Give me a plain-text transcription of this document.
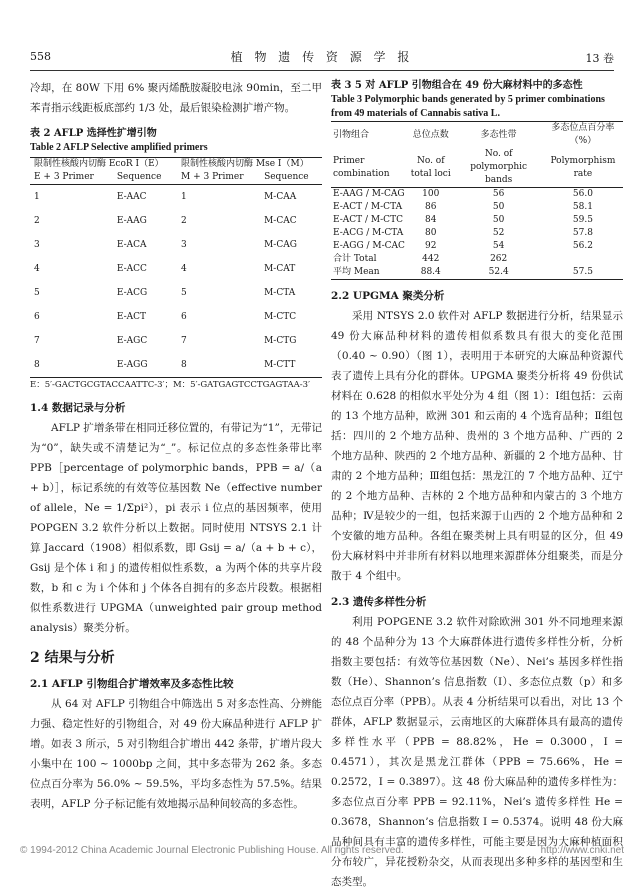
558	植 物 遗 传 资 源 学 报	13 卷

冷却，在 80W 下用 6% 聚丙烯酰胺凝胶电泳 90min，至二甲苯青指示线距板底部约 1/3 处，最后银染检测扩增产物。

表 2 AFLP 选择性扩增引物
Table 2 AFLP Selective amplified primers
限制性核酸内切酶 EcoR I（E）		限制性核酸内切酶 Mse I（M）	
E + 3 Primer	Sequence	M + 3 Primer	Sequence
1	E-AAC	1	M-CAA
2	E-AAG	2	M-CAC
3	E-ACA	3	M-CAG
4	E-ACC	4	M-CAT
5	E-ACG	5	M-CTA
6	E-ACT	6	M-CTC
7	E-AGC	7	M-CTG
8	E-AGG	8	M-CTT
E：5′-GACTGCGTACCAATTC-3′；M：5′-GATGAGTCCTGAGTAA-3′
1.4 数据记录与分析

AFLP 扩增条带在相同迁移位置的，有带记为“1”，无带记为“0”，缺失或不清楚记为“_”。标记位点的多态性条带比率 PPB［percentage of polymorphic bands，PPB = a/（a + b）］，标记系统的有效等位基因数 Ne（effective number of allele，Ne = 1/Σpi²），pi 表示 i 位点的基因频率，使用 POPGEN 3.2 软件分析以上数据。同时使用 NTSYS 2.1 计算 Jaccard（1908）相似系数，即 Gsij = a/（a + b + c），Gsij 是个体 i 和 j 的遗传相似性系数，a 为两个体的共享片段数，b 和 c 为 i 个体和 j 个体各自拥有的多态片段数。根据相似性系数进行 UPGMA（unweighted pair group method analysis）聚类分析。

2 结果与分析
2.1 AFLP 引物组合扩增效率及多态性比较

从 64 对 AFLP 引物组合中筛选出 5 对多态性高、分辨能力强、稳定性好的引物组合，对 49 份大麻品种进行 AFLP 扩增。如表 3 所示，5 对引物组合扩增出 442 条带，扩增片段大小集中在 100 ~ 1000bp 之间，其中多态带为 262 条。多态位点百分率为 56.0% ~ 59.5%，平均多态性为 57.5%。结果表明，AFLP 分子标记能有效地揭示品种间较高的多态性。

表 3 5 对 AFLP 引物组合在 49 份大麻材料中的多态性
Table 3 Polymorphic bands generated by 5 primer combinations from 49 materials of Cannabis sativa L.
引物组合	总位点数	多态性带	多态位点百分率（%）
Primer combination	No. of total loci	No. of polymorphic bands	Polymorphism rate
E-AAG / M-CAG	100	56	56.0
E-ACT / M-CTA	86	50	58.1
E-ACT / M-CTC	84	50	59.5
E-ACG / M-CTA	80	52	57.8
E-AGG / M-CAC	92	54	56.2
合计 Total	442	262	
平均 Mean	88.4	52.4	57.5
2.2 UPGMA 聚类分析

采用 NTSYS 2.0 软件对 AFLP 数据进行分析，结果显示 49 份大麻品种材料的遗传相似系数具有很大的变化范围（0.40 ~ 0.90）（图 1），表明用于本研究的大麻品种资源代表了遗传上具有分化的群体。UPGMA 聚类分析将 49 份供试材料在 0.628 的相似水平处分为 4 组（图 1）：Ⅰ组包括：云南的 13 个地方品种，欧洲 301 和云南的 4 个选育品种；Ⅱ组包括：四川的 2 个地方品种、贵州的 3 个地方品种、广西的 2 个地方品种、陕西的 2 个地方品种、新疆的 2 个地方品种、甘肃的 2 个地方品种；Ⅲ组包括：黑龙江的 7 个地方品种、辽宁的 2 个地方品种、吉林的 2 个地方品种和内蒙古的 3 个地方品种；Ⅳ是较少的一组，包括来源于山西的 2 个地方品种和 2 个安徽的地方品种。各组在聚类树上具有明显的区分，但 49 份大麻材料中并非所有材料以地理来源群体分组聚类，而是分散于 4 个组中。

2.3 遗传多样性分析

利用 POPGENE 3.2 软件对除欧洲 301 外不同地理来源的 48 个品种分为 13 个大麻群体进行遗传多样性分析，分析指数主要包括：有效等位基因数（Ne）、Nei’s 基因多样性指数（He）、Shannon’s 信息指数（I）、多态位点数（p）和多态位点百分率（PPB）。从表 4 分析结果可以看出，对比 13 个群体，AFLP 数据显示，云南地区的大麻群体具有最高的遗传多样性水平（PPB = 88.82%，He = 0.3000，I = 0.4571），其次是黑龙江群体（PPB = 75.66%，He = 0.2572，I = 0.3897）。这 48 份大麻品种的遗传多样性为：多态位点百分率 PPB = 92.11%，Nei’s 遗传多样性 He = 0.3678，Shannon’s 信息指数 I = 0.5374。说明 48 份大麻品种间具有丰富的遗传多样性，可能主要是因为大麻种植面积分布较广，异花授粉杂交，从而表现出多种多样的基因型和生态类型。

© 1994-2012 China Academic Journal Electronic Publishing House. All rights reserved.	http://www.cnki.net
